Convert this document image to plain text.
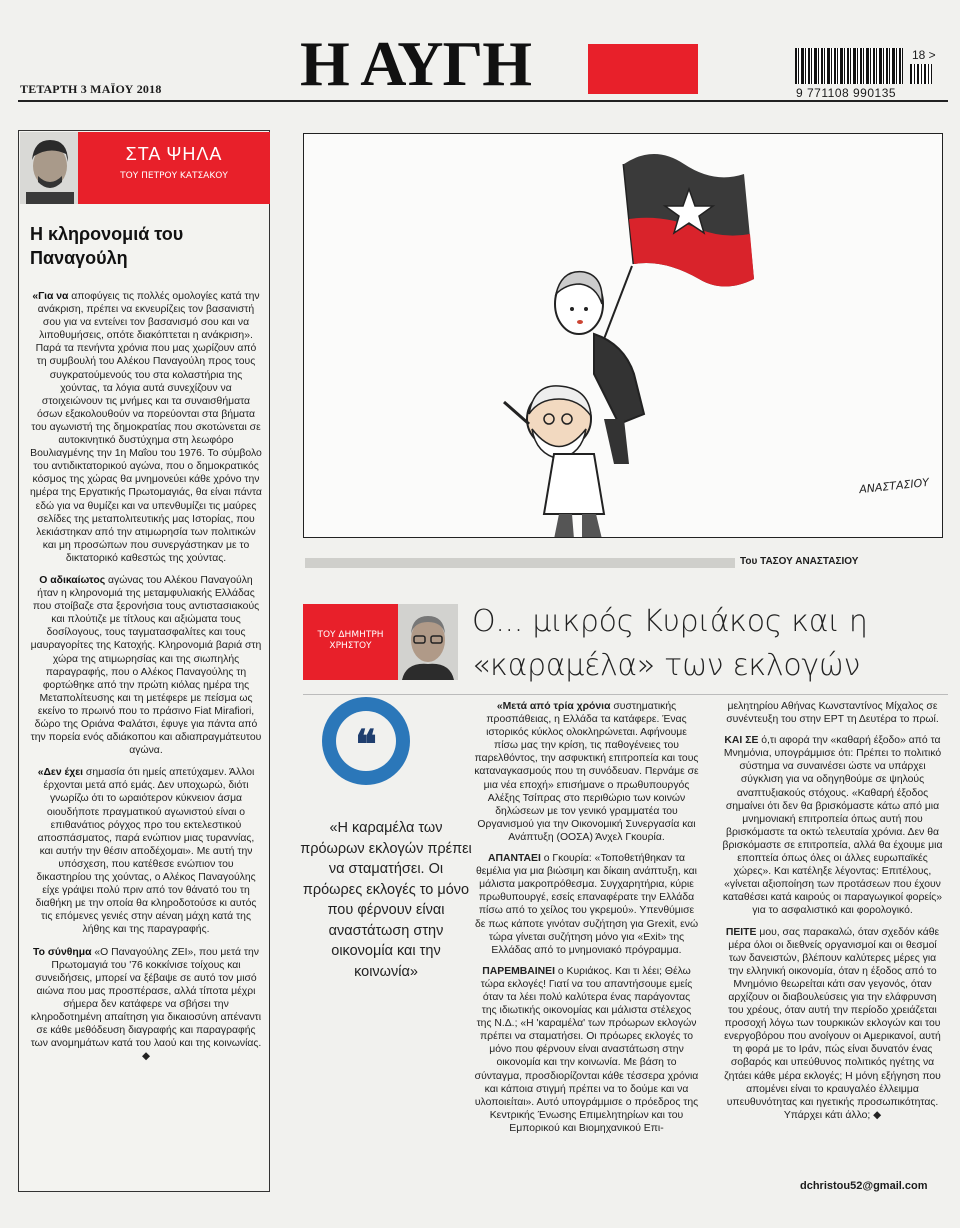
Η ΑΥΓΗ
ΤΕΤΑΡΤΗ 3 ΜΑΪΟΥ 2018
18 >
9 771108 990135
ΣΤΑ ΨΗΛΑ
ΤΟΥ ΠΕΤΡΟΥ ΚΑΤΣΑΚΟΥ
Η κληρονομιά του Παναγούλη

«Για να αποφύγεις τις πολλές ομολογίες κατά την ανάκριση, πρέπει να εκνευρίζεις τον βασανιστή σου για να εντείνει τον βασανισμό σου και να λιποθυμήσεις, οπότε διακόπτεται η ανάκριση». Παρά τα πενήντα χρόνια που μας χωρίζουν από τη συμβουλή του Αλέκου Παναγούλη προς τους συγκρατούμενούς του στα κολαστήρια της χούντας, τα λόγια αυτά συνεχίζουν να στοιχειώνουν τις μνήμες και τα συναισθήματα όσων εξακολουθούν να πορεύονται στα βήματα του αγωνιστή της δημοκρατίας που σκοτώνεται σε αυτοκινητικό δυστύχημα στη λεωφόρο Βουλιαγμένης την 1η Μαΐου του 1976. Το σύμβολο του αντιδικτατορικού αγώνα, που ο δημοκρατικός κόσμος της χώρας θα μνημονεύει κάθε χρόνο την ημέρα της Εργατικής Πρωτομαγιάς, θα είναι πάντα εδώ για να θυμίζει και να υπενθυμίζει τις μαύρες σελίδες της μεταπολιτευτικής μας Ιστορίας, που λεκιάστηκαν από την ατιμωρησία των πολιτικών και μη προσώπων που συνεργάστηκαν με το δικτατορικό καθεστώς της χούντας.

Ο αδικαίωτος αγώνας του Αλέκου Παναγούλη ήταν η κληρονομιά της μεταμφυλιακής Ελλάδας που στοίβαζε στα ξερονήσια τους αντιστασιακούς και πλούτιζε με τίτλους και αξιώματα τους δοσίλογους, τους ταγματασφαλίτες και τους μαυραγορίτες της Κατοχής. Κληρονομιά βαριά στη χώρα της ατιμωρησίας και της σιωπηλής παραγραφής, που ο Αλέκος Παναγούλης τη φορτώθηκε από την πρώτη κιόλας ημέρα της Μεταπολίτευσης και τη μετέφερε με πείσμα ως εκείνο το πρωινό που το πράσινο Fiat Mirafiori, δώρο της Οριάνα Φαλάτσι, έφυγε για πάντα από την πορεία ενός αδιάκοπου και αδιαπραγμάτευτου αγώνα.

«Δεν έχει σημασία ότι ημείς απετύχαμεν. Άλλοι έρχονται μετά από εμάς. Δεν υποχωρώ, διότι γνωρίζω ότι το ωραιότερον κύκνειον άσμα οιουδήποτε πραγματικού αγωνιστού είναι ο επιθανάτιος ρόγχος προ του εκτελεστικού αποσπάσματος, παρά ενώπιον μιας τυραννίας, και αυτήν την θέσιν αποδέχομαι». Με αυτή την υπόσχεση, που κατέθεσε ενώπιον του δικαστηρίου της χούντας, ο Αλέκος Παναγούλης είχε γράψει πολύ πριν από τον θάνατό του τη διαθήκη με την οποία θα κληροδοτούσε κι αυτός τις επόμενες γενιές στην αέναη μάχη κατά της λήθης και της παραγραφής.

Το σύνθημα «Ο Παναγούλης ΖΕΙ», που μετά την Πρωτομαγιά του '76 κοκκίνισε τοίχους και συνειδήσεις, μπορεί να ξέβαψε σε αυτό τον μισό αιώνα που μας προσπέρασε, αλλά τίποτα μέχρι σήμερα δεν κατάφερε να σβήσει την κληροδοτημένη απαίτηση για δικαιοσύνη απέναντι σε κάθε μεθόδευση διαγραφής και παραγραφής των ανομημάτων κατά του λαού και της κοινωνίας. ◆

ΑΝΑΣΤΑΣΙΟΥ
Του ΤΑΣΟΥ ΑΝΑΣΤΑΣΙΟΥ
ΤΟΥ ΔΗΜΗΤΡΗ ΧΡΗΣΤΟΥ
Ο... μικρός Κυριάκος και η «καραμέλα» των εκλογών
❝
«Η καραμέλα των πρόωρων εκλογών πρέπει να σταματήσει. Οι πρόωρες εκλογές το μόνο που φέρνουν είναι αναστάτωση στην οικονομία και την κοινωνία»

«Μετά από τρία χρόνια συστηματικής προσπάθειας, η Ελλάδα τα κατάφερε. Ένας ιστορικός κύκλος ολοκληρώνεται. Αφήνουμε πίσω μας την κρίση, τις παθογένειες του παρελθόντος, την ασφυκτική επιτροπεία και τους καταναγκασμούς που τη συνόδευαν. Περνάμε σε μια νέα εποχή» επισήμανε ο πρωθυπουργός Αλέξης Τσίπρας στο περιθώριο των κοινών δηλώσεων με τον γενικό γραμματέα του Οργανισμού για την Οικονομική Συνεργασία και Ανάπτυξη (ΟΟΣΑ) Άνχελ Γκουρία.

ΑΠΑΝΤΑΕΙ ο Γκουρία: «Τοποθετήθηκαν τα θεμέλια για μια βιώσιμη και δίκαιη ανάπτυξη, και μάλιστα μακροπρόθεσμα. Συγχαρητήρια, κύριε πρωθυπουργέ, εσείς επαναφέρατε την Ελλάδα πίσω από το χείλος του γκρεμού». Υπενθύμισε δε πως κάποτε γινόταν συζήτηση για Grexit, ενώ τώρα γίνεται συζήτηση μόνο για «Exit» της Ελλάδας από το μνημονιακό πρόγραμμα.

ΠΑΡΕΜΒΑΙΝΕΙ ο Κυριάκος. Και τι λέει; Θέλω τώρα εκλογές! Γιατί να του απαντήσουμε εμείς όταν τα λέει πολύ καλύτερα ένας παράγοντας της ιδιωτικής οικονομίας και μάλιστα στέλεχος της Ν.Δ.; «Η 'καραμέλα' των πρόωρων εκλογών πρέπει να σταματήσει. Οι πρόωρες εκλογές το μόνο που φέρνουν είναι αναστάτωση στην οικονομία και την κοινωνία. Με βάση το σύνταγμα, προσδιορίζονται κάθε τέσσερα χρόνια και κάποια στιγμή πρέπει να το δούμε και να υλοποιείται». Αυτό υπογράμμισε ο πρόεδρος της Κεντρικής Ένωσης Επιμελητηρίων και του Εμπορικού και Βιομηχανικού Επι-

μελητηρίου Αθήνας Κωνσταντίνος Μίχαλος σε συνέντευξη του στην ΕΡΤ τη Δευτέρα το πρωί.

ΚΑΙ ΣΕ ό,τι αφορά την «καθαρή έξοδο» από τα Μνημόνια, υπογράμμισε ότι: Πρέπει το πολιτικό σύστημα να συναινέσει ώστε να υπάρχει σύγκλιση για να οδηγηθούμε σε ψηλούς αναπτυξιακούς στόχους. «Καθαρή έξοδος σημαίνει ότι δεν θα βρισκόμαστε κάτω από μια μνημονιακή επιτροπεία όπως αυτή που βρισκόμαστε τα οκτώ τελευταία χρόνια. Δεν θα βρισκόμαστε σε επιτροπεία, αλλά θα έχουμε μια εποπτεία όπως όλες οι άλλες ευρωπαϊκές χώρες». Και κατέληξε λέγοντας: Επιτέλους, «γίνεται αξιοποίηση των προτάσεων που έχουν καταθέσει κατά καιρούς οι παραγωγικοί φορείς» για το ασφαλιστικό και φορολογικό.

ΠΕΙΤΕ μου, σας παρακαλώ, όταν σχεδόν κάθε μέρα όλοι οι διεθνείς οργανισμοί και οι θεσμοί των δανειστών, βλέπουν καλύτερες μέρες για την ελληνική οικονομία, όταν η έξοδος από το Μνημόνιο θεωρείται κάτι σαν γεγονός, όταν αρχίζουν οι διαβουλεύσεις για την ελάφρυνση του χρέους, όταν αυτή την περίοδο χρειάζεται προσοχή λόγω των τουρκικών εκλογών και του ενεργοβόρου που ανοίγουν οι Αμερικανοί, αυτή τη φορά με το Ιράν, πώς είναι δυνατόν ένας σοβαρός και υπεύθυνος πολιτικός ηγέτης να ζητάει κάθε μέρα εκλογές; Η μόνη εξήγηση που απομένει είναι το κραυγαλέο έλλειμμα υπευθυνότητας και ηγετικής προσωπικότητας. Υπάρχει κάτι άλλο; ◆

dchristou52@gmail.com
